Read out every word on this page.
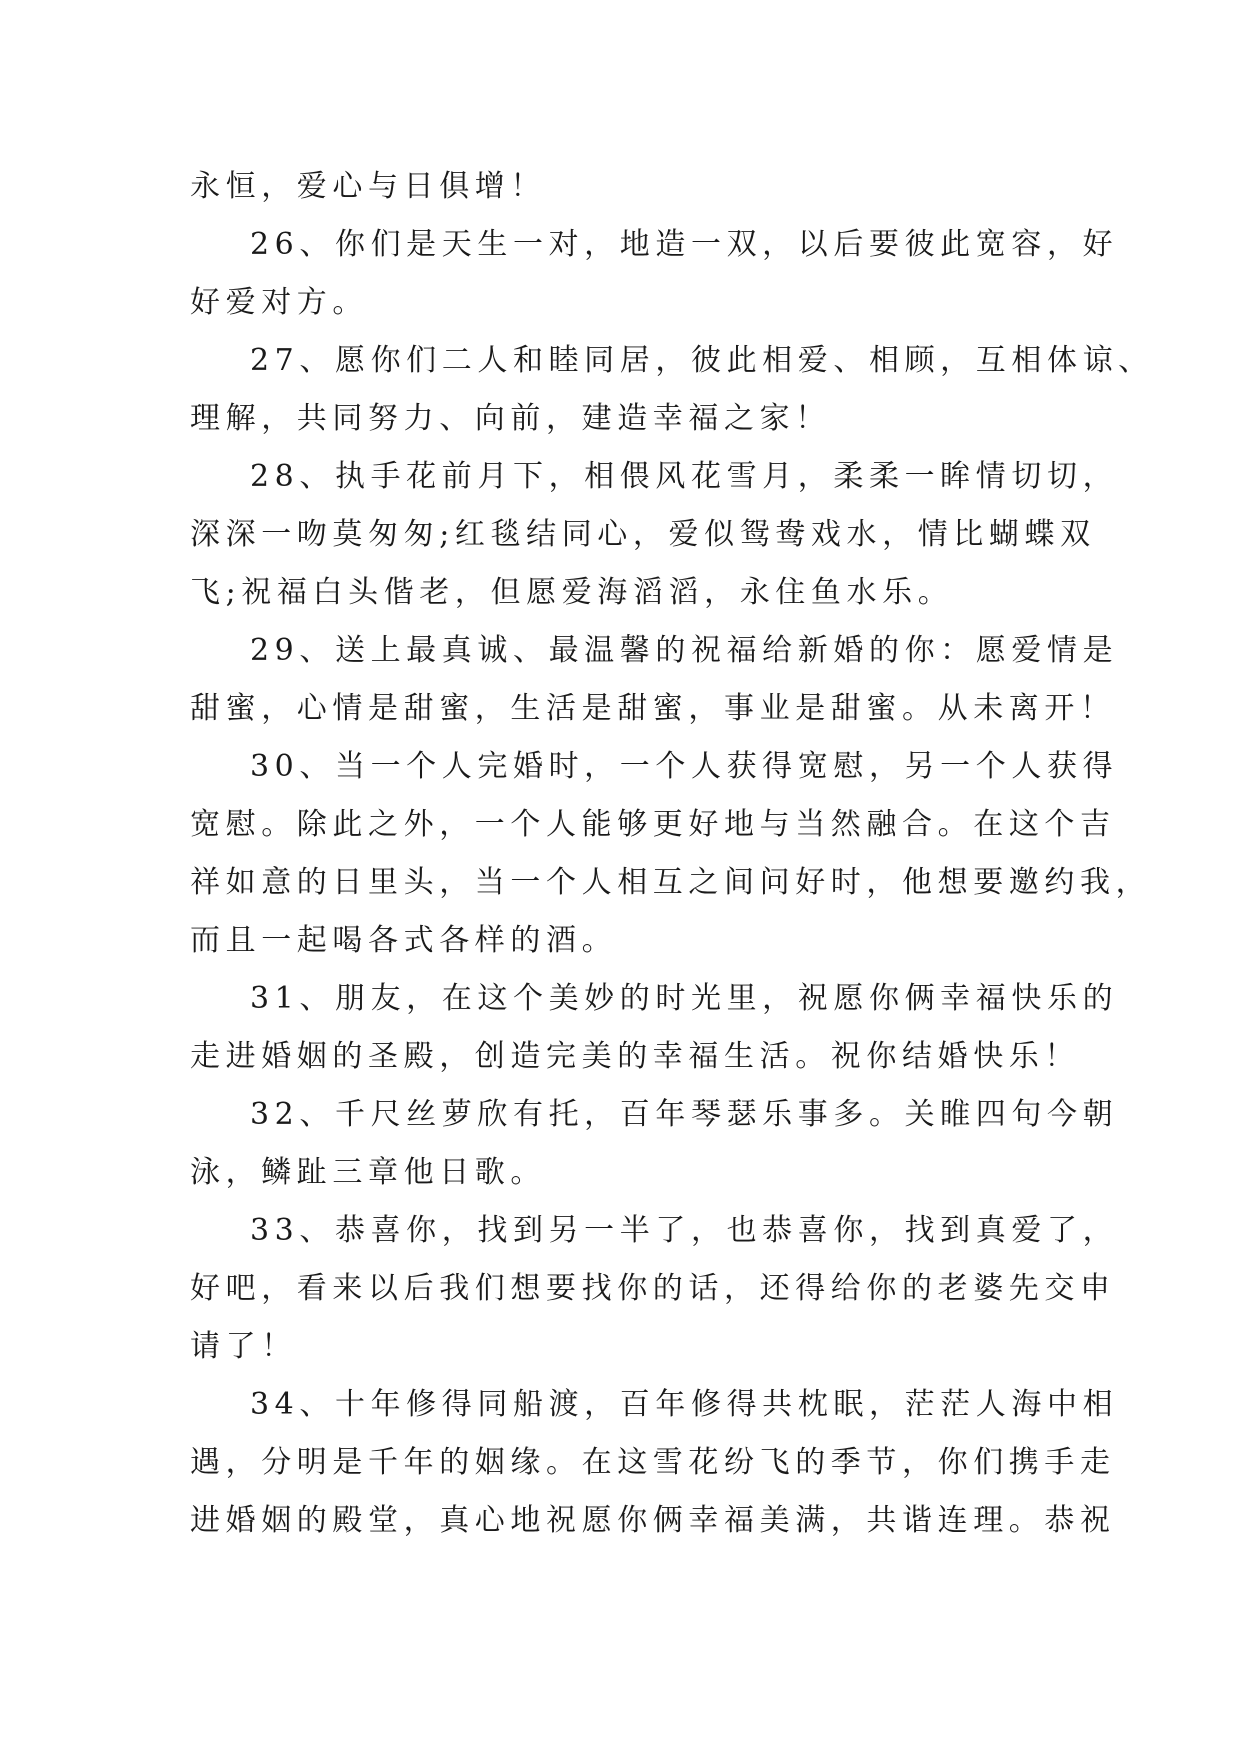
永恒，爱心与日俱增！
26、你们是天生一对，地造一双，以后要彼此宽容，好
好爱对方。
27、愿你们二人和睦同居，彼此相爱、相顾，互相体谅、
理解，共同努力、向前，建造幸福之家！
28、执手花前月下，相偎风花雪月，柔柔一眸情切切，
深深一吻莫匆匆;红毯结同心，爱似鸳鸯戏水，情比蝴蝶双
飞;祝福白头偕老，但愿爱海滔滔，永住鱼水乐。
29、送上最真诚、最温馨的祝福给新婚的你：愿爱情是
甜蜜，心情是甜蜜，生活是甜蜜，事业是甜蜜。从未离开！
30、当一个人完婚时，一个人获得宽慰，另一个人获得
宽慰。除此之外，一个人能够更好地与当然融合。在这个吉
祥如意的日里头，当一个人相互之间问好时，他想要邀约我，
而且一起喝各式各样的酒。
31、朋友，在这个美妙的时光里，祝愿你俩幸福快乐的
走进婚姻的圣殿，创造完美的幸福生活。祝你结婚快乐！
32、千尺丝萝欣有托，百年琴瑟乐事多。关睢四句今朝
泳，鳞趾三章他日歌。
33、恭喜你，找到另一半了，也恭喜你，找到真爱了，
好吧，看来以后我们想要找你的话，还得给你的老婆先交申
请了！
34、十年修得同船渡，百年修得共枕眠，茫茫人海中相
遇，分明是千年的姻缘。在这雪花纷飞的季节，你们携手走
进婚姻的殿堂，真心地祝愿你俩幸福美满，共谐连理。恭祝
